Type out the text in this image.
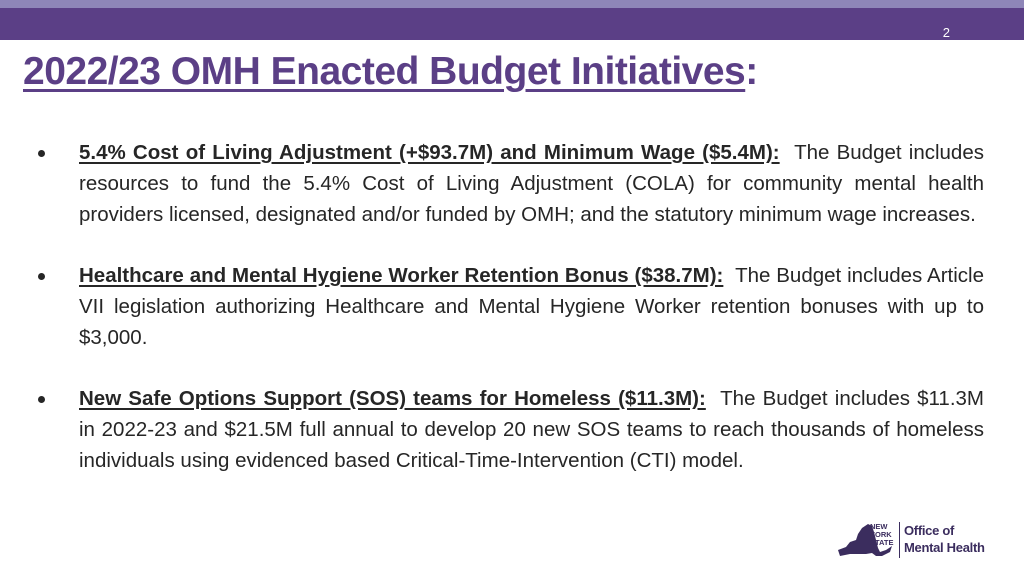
2
2022/23 OMH Enacted Budget Initiatives:
5.4% Cost of Living Adjustment (+$93.7M) and Minimum Wage ($5.4M): The Budget includes resources to fund the 5.4% Cost of Living Adjustment (COLA) for community mental health providers licensed, designated and/or funded by OMH; and the statutory minimum wage increases.
Healthcare and Mental Hygiene Worker Retention Bonus ($38.7M): The Budget includes Article VII legislation authorizing Healthcare and Mental Hygiene Worker retention bonuses with up to $3,000.
New Safe Options Support (SOS) teams for Homeless ($11.3M): The Budget includes $11.3M in 2022-23 and $21.5M full annual to develop 20 new SOS teams to reach thousands of homeless individuals using evidenced based Critical-Time-Intervention (CTI) model.
NEW
YORK
STATE
Office of
Mental Health
